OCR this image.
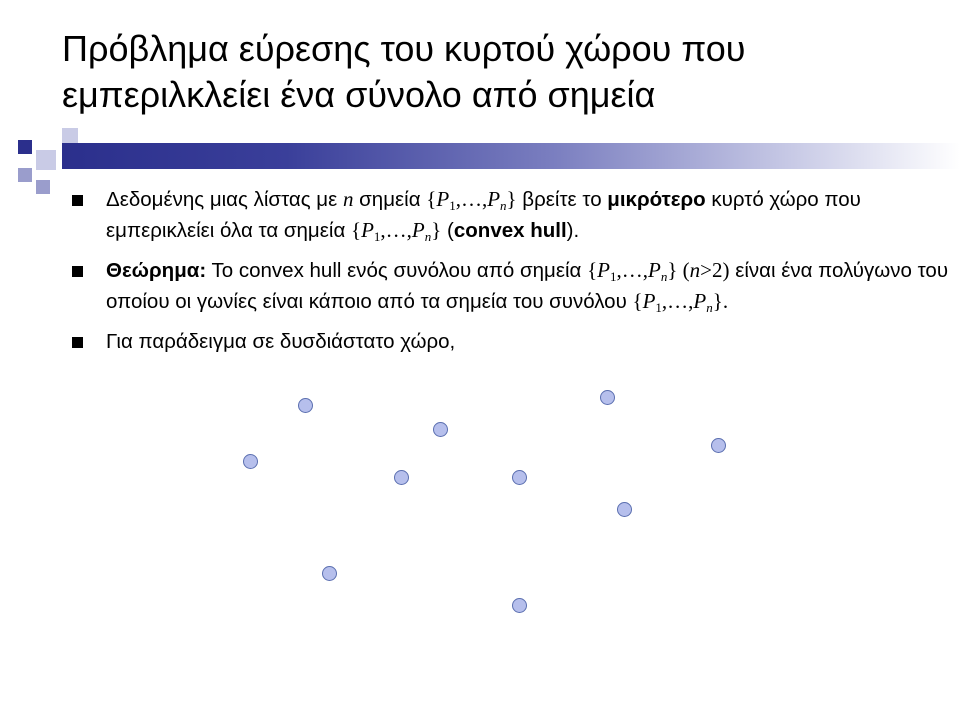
Πρόβλημα εύρεσης του κυρτού χώρου που εμπεριλκλείει ένα σύνολο από σημεία
Δεδομένης μιας λίστας με n σημεία $\{P_1,\dots,P_n\}$ βρείτε το μικρότερο κυρτό χώρο που εμπερικλείει όλα τα σημεία $\{P_1,\dots,P_n\}$ (convex hull).
Θεώρημα: Το convex hull ενός συνόλου από σημεία $\{P_1,\dots,P_n\}$ (n>2) είναι ένα πολύγωνο του οποίου οι γωνίες είναι κάποιο από τα σημεία του συνόλου $\{P_1,\dots,P_n\}$.
Για παράδειγμα σε δυσδιάστατο χώρο,
